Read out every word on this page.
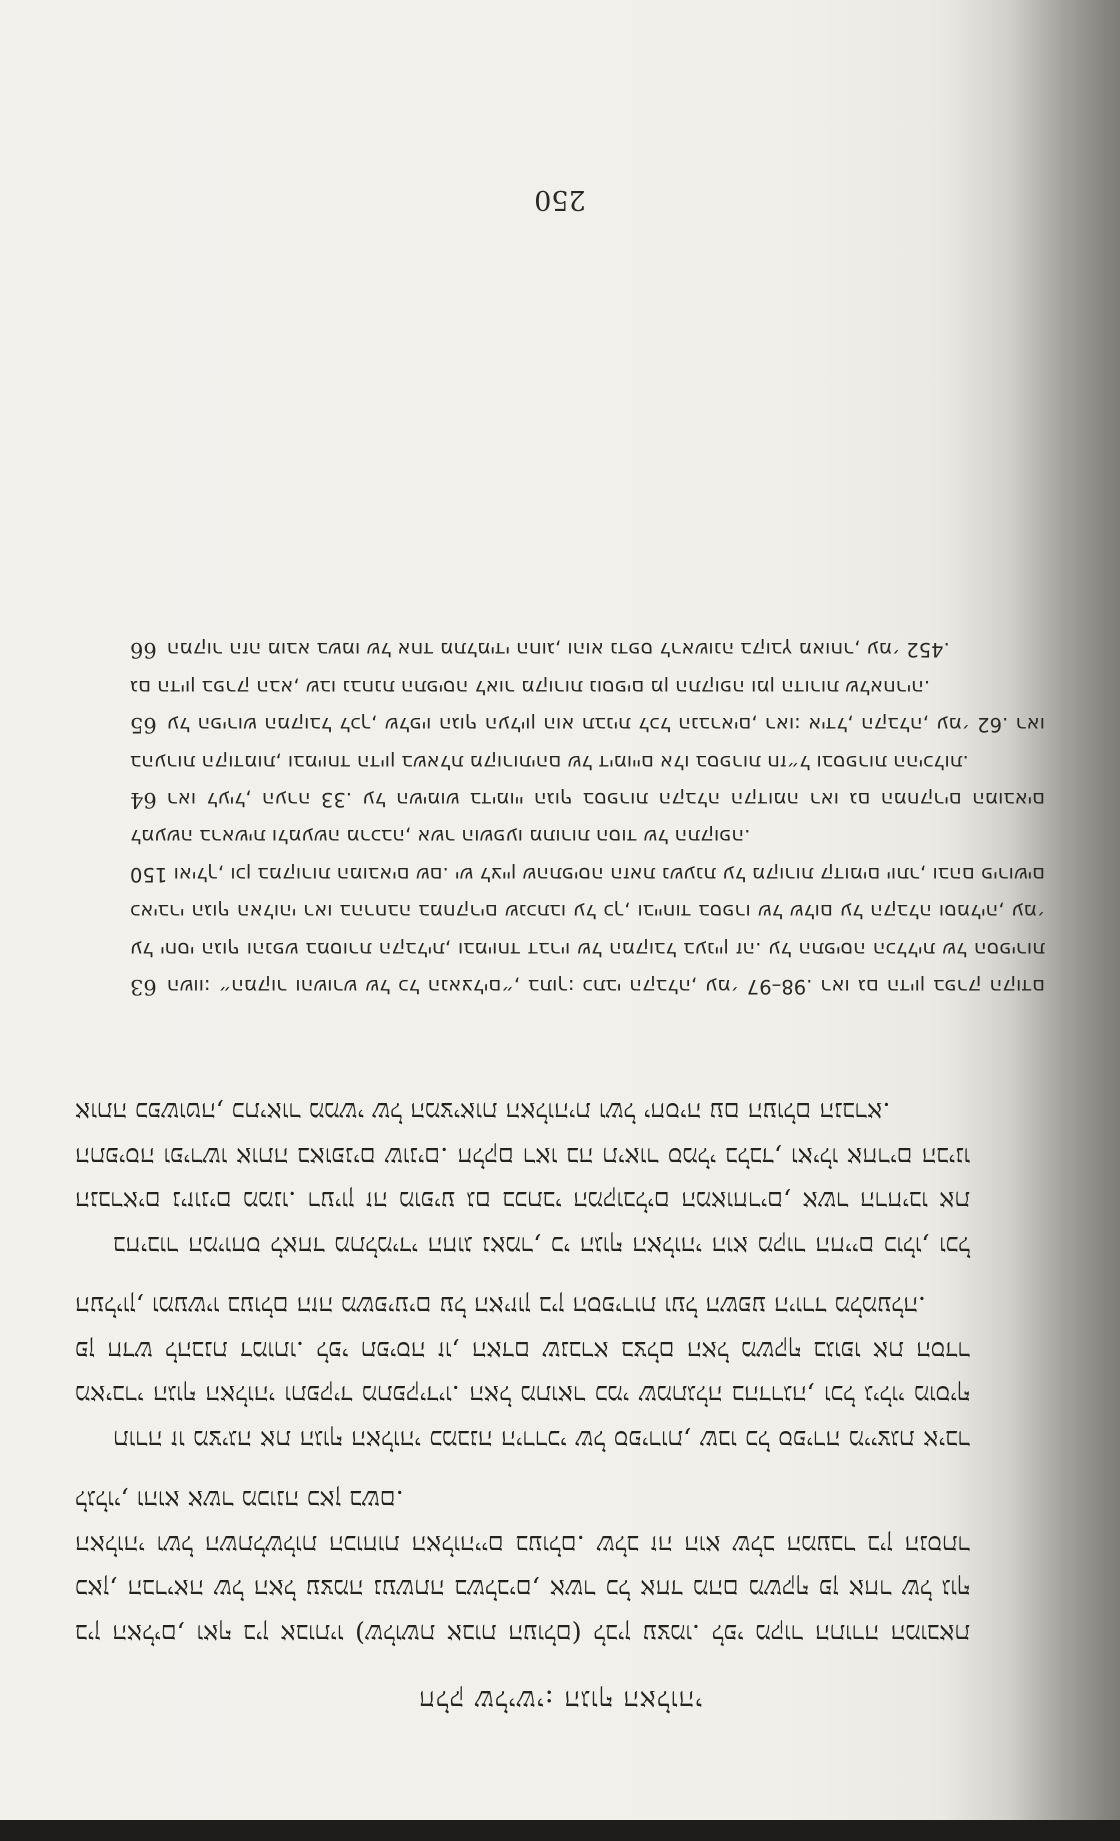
חלק שלישי: הגוף האלוהי

בין האלים, ואף בין אבותיו (שלושת אבות העולם) לבין עצמו. לפי מקור התורה המובאת כאן, הבריאה של האל עצמה נעשתה בשלבים, אשר כל אחד מהם משקף פן אחר של גוף האלוהי ושל השתלשלות הכוחות האלוהיים בעולם. שלב זה הוא שלב המעבר בין הנסתר לגלוי, והוא אשר מכונה כאן בשם.

תורה זו מציגה את הגוף האלוהי כמבנה היררכי של ספירות, שבו כל ספירה מייצגת איבר מאיברי הגוף האלוהי ותפקיד מתפקידיו. האל מתואר כמי שמתגלה בהדרגה, וכל גילוי מוסיף פן חדש להבנת דמותו. לפי תפיסה זו, האדם שנברא בצלם האל משקף בגופו את הסדר העליון, ומעשיו בעולם הזה משפיעים על האיזון בין הספירות ועל השפע היורד מלמעלה.

בחיבור המיוחס לאחד מתלמידי החוג נאמר, כי הגוף האלוהי הוא מקור החיים כולו, וכל הנבראים ניזונים ממנו. רעיון זה מופיע גם בכתבי המקובלים המאוחרים, אשר הרחיבו את התפיסה ופירשו אותה באופנים שונים. חלקם ראו בה תיאור סמלי בלבד, ואילו אחרים הבינו אותה כפשוטה, כתיאור ממשי של המציאות האלוהית ושל יחסיה עם העולם הנברא.

63	השוו: ״המקור והשורש של כל הנאצלים״, בתוך: כתבי הקבלה, עמ׳ 97–98. ראו גם הדיון בפרק הקודם על יחסי הגוף והנפש במסורת הקבלית, ובמיוחד דבריו של המקובל בעניין זה. על התפיסה הכללית של הספירות כאיברי הגוף האלוהי ראו בהרחבה במחקרים שנכתבו על כך, ובייחוד בספרו של שלום על הקבלה וסמליה, עמ׳ 150 ואילך, וכן במקורות המובאים שם. יש לציין שהתפיסה הזאת נשענת על מקורות קדומים יותר, ובהם פירושים למעשה בראשית ולמעשה מרכבה, אשר הושפעו מתורות הסוד של התקופה.

64	ראו לעיל, הערה 33. על השימוש בדימויי הגוף בספרות הקבלה הקדומה ראו גם המחקרים המובאים בהערות הקודמות, ובמיוחד הדיון בשאלת מקורותיהם של דימויים אלו בספרות חז״ל ובספרות ההיכלות.

65	על הפירוש המקובל לכך, שלפיו הגוף העליון הוא תבנית לכל הנבראים, ראו: אידל, הקבלה, עמ׳ 62. ראו גם הדיון בפרק הבא, שבו נבחנת התפיסה לאור מקורות נוספים מן התקופה ומן הדורות שלאחריה.

66	המקור הזה מובא בשמו של אחד מתלמידי החוג, והוא נדפס לראשונה בקובץ מאוחר, עמ׳ 452.

250
